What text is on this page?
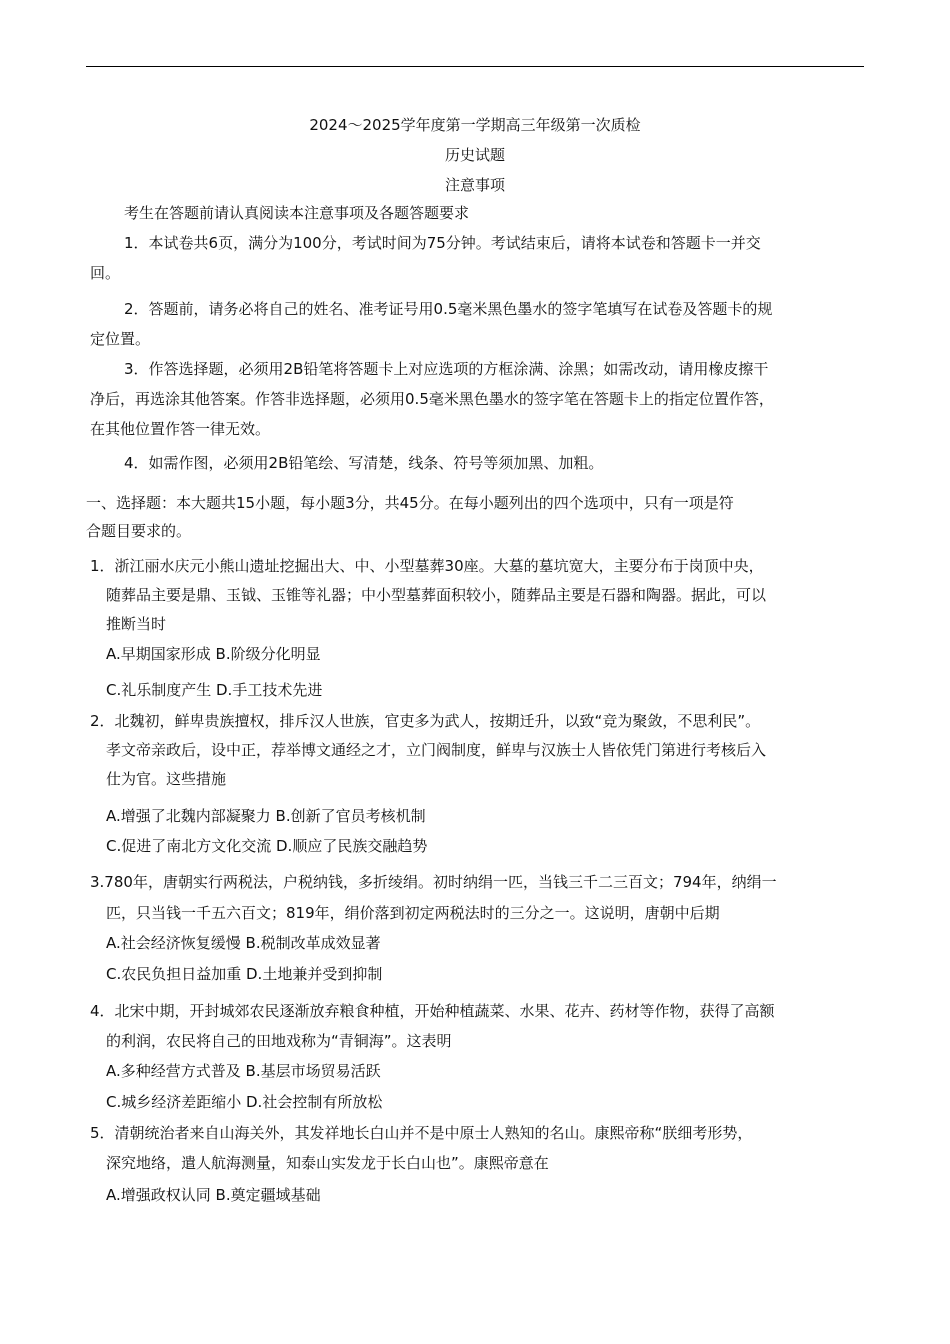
2024～2025学年度第一学期高三年级第一次质检
历史试题
注意事项
考生在答题前请认真阅读本注意事项及各题答题要求
1．本试卷共6页，满分为100分，考试时间为75分钟。考试结束后，请将本试卷和答题卡一并交
回。
2．答题前，请务必将自己的姓名、准考证号用0.5毫米黑色墨水的签字笔填写在试卷及答题卡的规
定位置。
3．作答选择题，必须用2B铅笔将答题卡上对应选项的方框涂满、涂黑；如需改动，请用橡皮擦干
净后，再选涂其他答案。作答非选择题，必须用0.5毫米黑色墨水的签字笔在答题卡上的指定位置作答，
在其他位置作答一律无效。
4．如需作图，必须用2B铅笔绘、写清楚，线条、符号等须加黑、加粗。
一、选择题：本大题共15小题，每小题3分，共45分。在每小题列出的四个选项中，只有一项是符
合题目要求的。
1．浙江丽水庆元小熊山遗址挖掘出大、中、小型墓葬30座。大墓的墓坑宽大，主要分布于岗顶中央，
随葬品主要是鼎、玉钺、玉锥等礼器；中小型墓葬面积较小，随葬品主要是石器和陶器。据此，可以
推断当时
A.早期国家形成 B.阶级分化明显
C.礼乐制度产生 D.手工技术先进
2．北魏初，鲜卑贵族擅权，排斥汉人世族，官吏多为武人，按期迁升，以致“竞为聚敛，不思利民”。
孝文帝亲政后，设中正，荐举博文通经之才，立门阀制度，鲜卑与汉族士人皆依凭门第进行考核后入
仕为官。这些措施
A.增强了北魏内部凝聚力 B.创新了官员考核机制
C.促进了南北方文化交流 D.顺应了民族交融趋势
3.780年，唐朝实行两税法，户税纳钱，多折绫绢。初时纳绢一匹，当钱三千二三百文；794年，纳绢一
匹，只当钱一千五六百文；819年，绢价落到初定两税法时的三分之一。这说明，唐朝中后期
A.社会经济恢复缓慢 B.税制改革成效显著
C.农民负担日益加重 D.土地兼并受到抑制
4．北宋中期，开封城郊农民逐渐放弃粮食种植，开始种植蔬菜、水果、花卉、药材等作物，获得了高额
的利润，农民将自己的田地戏称为“青铜海”。这表明
A.多种经营方式普及 B.基层市场贸易活跃
C.城乡经济差距缩小 D.社会控制有所放松
5．清朝统治者来自山海关外，其发祥地长白山并不是中原士人熟知的名山。康熙帝称“朕细考形势，
深究地络，遣人航海测量，知泰山实发龙于长白山也”。康熙帝意在
A.增强政权认同 B.奠定疆域基础
